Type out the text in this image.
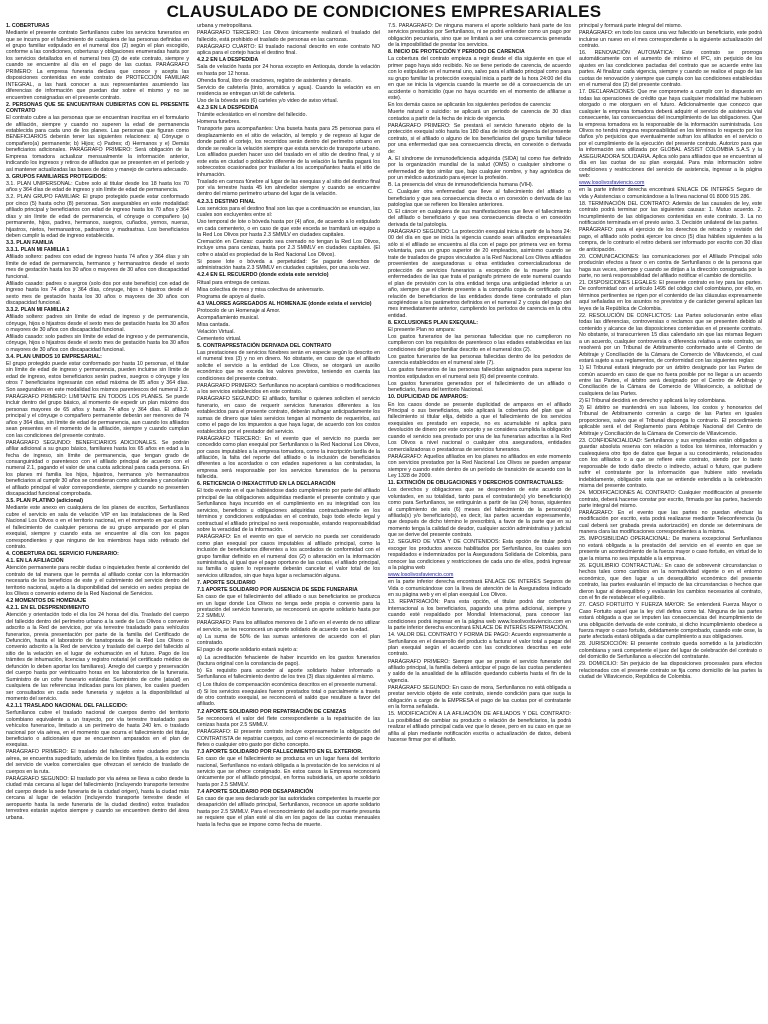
CLAUSULADO DE CONDICIONES EMPRESARIALES

1. COBERTURAS

Mediante el presente contrato Serfunllanos cubre los servicios funerarios en que se incurra por el fallecimiento de cualquiera de las personas definidas en el grupo familiar estipulado en el numeral dos (2) según el plan escogido, conforme a las condiciones, coberturas y obligaciones enumeradas hasta por los servicios detallados en el numeral tres (3) de este contrato, siempre y cuando se encuentre al día en el pago de las cuotas. PARÁGRAFO PRIMERO: La empresa funeraria declara que conoce y acepta las disposiciones contenidas en este contrato de PROTECCIÓN FAMILIAR INTEGRAL, a las hará conocer a sus representantes asumiendo las diferencias de información que puedan dar sobre el mismo y no se encuentren consignadas en el presente contrato.

2. PERSONAS QUE SE ENCUENTRAN CUBIERTAS CON EL PRESENTE CONTRATO

El contrato cubre a las personas que se encuentran inscritas en el formulario de afiliación, siempre y cuando no superen la edad de permanencia establecida para cada uno de los planes. Las personas que figuran como BENEFICIARIOS deberán tener las siguientes relaciones: a) Cónyuge o compañero(a) permanente; b) Hijos; c) Padres; d) Hermanos y e) Demás beneficiarios adicionales. PARÁGRAFO PRIMERO: Será obligación de la Empresa tomadora actualizar mensualmente la información anterior, indicando los ingresos y retiros de afiliados que se presenten en el período y así mantener actualizadas las bases de datos y manejo de cartera adecuado.

3. GRUPOS FAMILIARES PROTEGIDOS:

3.1. PLAN UNIPERSONAL: Cubre solo al titular desde los 18 hasta los 70 años y 364 días de edad de ingreso y sin límite de edad de permanencia.

3.2. PLAN GRUPO FAMILIAR: El grupo protegido puede estar conformado por cinco (5) hasta ocho (8) personas. Son asegurables en este modalidad: afiliado principal y beneficiarios con edad de ingreso hasta los 70 años y 364 días y sin límite de edad de permanencia, el cónyuge o compañero (a) permanente, hijos, padres, hermanos, suegros, cuñados, yernos, nueras, hijastros, nietos, hermanastros, padrastros y madrastras. Los beneficiarios deben cumplir la edad de ingreso establecida.

3.3. PLAN FAMILIA

3.3.1. PLAN MI FAMILIA 1

Afiliado soltero: padres con edad de ingreso hasta 74 años y 364 días y sin límite de edad de permanencia, hermanos y hermanastros desde el sexto mes de gestación hasta los 30 años o mayores de 30 años con discapacidad funcional.

Afiliado casado: padres o suegros (solo dos por este beneficio) con edad de ingreso hasta los 74 años y 364 días, cónyuge, hijos o hijastros desde el sexto mes de gestación hasta los 30 años o mayores de 30 años con discapacidad funcional.

3.3.2. PLAN MI FAMILIA 2

Afiliado soltero: padres sin límite de edad de ingreso y de permanencia, cónyuge, hijos o hijastros desde el sexto mes de gestación hasta los 30 años o mayores de 30 años con discapacidad funcional.

Afiliado casado: solo padres sin límite de edad de ingreso y de permanencia, cónyuge, hijos o hijastros desde el sexto mes de gestación hasta los 30 años o mayores de 30 años con discapacidad funcional.

3.4. PLAN UNIDOS 10 EMPRESARIAL:

El grupo protegido puede estar conformado por hasta 10 personas, el titular sin límite de edad de ingreso y permanencia, pueden incluirse sin límite de edad de ingreso, estos beneficiarios serán padres, suegros o cónyuge y los otros 7 beneficiarios ingresarán con edad máxima de 85 años y 364 días. Son asegurables en este modalidad los mismos parentescos del numeral 3.2.

PARÁGRAFO PRIMERO: LIMITANTE EN TODOS LOS PLANES. Se puede incluir dentro del grupo básico, al momento de expedir un plan máximo dos personas mayores de 65 años y hasta 74 años y 364 días. El afiliado principal y el cónyuge o compañero permanente deberán ser menores de 74 años y 364 días, sin límite de edad de permanencia, aun cuando los afiliados sean presentes en el momento de la afiliación, siempre y cuando cumplan con las condiciones del presente contrato.

PARÁGRAFO SEGUNDO: BENEFICIARIOS ADICIONALES. Se podrán afiliar adicional a su grupo básico, familiares hasta los 65 años en edad a la fecha de ingreso, sin límite de permanencia, que tengan grado de consanguinidad o parentesco con el afiliado principal de acuerdo con el numeral 2.1, pagando el valor de una cuota adicional para cada persona. En los planes mi familia los hijos, hijastros, hermanos y/o hermanastros beneficiarios al cumplir 30 años se consideran como adicionales y cancelarán el afiliado principal el valor correspondiente, siempre y cuando no presenten discapacidad funcional comprobada.

3.5. PLAN PLATINO (adicional)

Mediante este anexo en cualquiera de los planes de escritos, Serfunllanos cubre el servicio en sala de velación VIP en las instalaciones de la Red Nacional Los Olivos o en el territorio nacional, en el momento en que ocurra el fallecimiento de cualquier persona de su grupo amparado por el plan exequial, siempre y cuando esta se encuentre al día con los pagos correspondientes y que ninguno de los miembros haya sido retirado del contrato.

4. COBERTURA DEL SERVICIO FUNERARIO:

4.1. EN LA AFILIACIÓN

Atención permanente para recibir dudas o inquietudes frente al contenido del contrato de tal manera que le permita al afiliado contar con la información necesaria de los beneficios de este y el cubrimiento del servicio dentro del territorio nacional, sujeto a la disponibilidad del servicio en sedes propias de los Olivos o convenio externo de la Red Nacional de Servicios.

4.2 MOMENTOS DE HOMENAJE

4.2.1. EN EL DESPRENDIMIENTO

Atención y orientación todo el día los 24 horas del día. Traslado del cuerpo del fallecido dentro del perímetro urbano a la sede de Los Olivos o convenio adscrito a la Red de servicios, por vía terrestre trasladado para vehículos funerarios, previa presentación por parte de la familia del Certificado de Defunción, hasta el laboratorio de tanatopraxia de la Red Los Olivos o convenio adscrito a la Red de servicios y traslado del cuerpo del fallecido al sitio de la velación en el lugar de exhumación en el futuro. Pago de los trámites de inhumación, licencias y registro notarial (el certificado médico de defunción lo deben aportar los familiares). Arreglo del cuerpo y preservación del cuerpo hasta por veinticuatro horas en los laboratorios de la funeraria. Suministro de un cofre funerario estándar. Suministro de cofre (ataúd) en cualquiera de las referencias indicadas para los planes, los cuales pueden ser consultados en cada sede funeraria y sujetos a la disponibilidad al momento del servicio.

4.2.1.1 TRASLADO NACIONAL DEL FALLECIDO:

Serfunllanos cubre el traslado nacional de cuerpos dentro del territorio colombiano equivalente a un trayecto, por vía terrestre trasladado para vehículos funerarios, limitado a un perímetro de hasta 240 km. o traslado nacional por vía aérea, en el momento que ocurra el fallecimiento del titular, beneficiario o adicionales que se encuentren amparados en el plan de exequias.

PARÁGRAFO PRIMERO: El traslado del fallecido entre ciudades por vía aérea, se encuentra supeditado, además de los límites fijados, a la existencia del servicio de vuelos comerciales que ofrezcan el servicio de traslado de cuerpos en la ruta.

PARÁGRAFO SEGUNDO: El traslado por vía aérea se lleva a cabo desde la ciudad más cercana al lugar del fallecimiento (incluyendo transporte terrestre del cuerpo desde la sede funeraria de la ciudad origen), hasta la ciudad más cercana al lugar de velación (incluyendo transporte terrestre desde el aeropuerto hasta la sede funeraria de la ciudad destino) estos traslados terrestres estarán sujetos siempre y cuando se encuentren dentro del área urbana.

urbana y metropolitana.

PARÁGRAFO TERCERO: Los Olivos únicamente realizará el traslado del fallecido, está prohibido el traslado de personas en las carrozas.

PARÁGRAFO CUARTO: El traslado nacional descrito en este contrato NO aplica para el cortejo hacia el destino final.

4.2.2 EN LA DESPEDIDA

Sala de velación hasta por 24 horas excepto en Antioquia, donde la velación es hasta por 12 horas.

Ofrenda floral, libro de oraciones, registro de asistentes y denario.

Servicio de cafetería (tinto, aromática y agua). Cuando la velación es en residencia se entregan un kit de cafetería.

Uso de la bóveda seis (6) carteles y/o video de aviso virtual.

4.2.3 EN LA DESPEDIDA

Trámite eclesiástico en el nombre del fallecido.

Homena funebres.

Transporte para acompañantes: Una buseta hasta para 25 personas para el desplazamiento en el sitio de velación, al templo y de regreso al lugar de donde partió el cortejo, los recorridos serán dentro del perímetro urbano en donde se realice la velación siempre que exista servicio de transporte urbano. Los afiliados pueden hacer uso del traslado en el sitio de destino final, y si este esta en ciudad o población diferente de la velación la familia pagará los sobrecostos ocasionados por trasladar a los acompañantes hasta el sitio de inhumación.

Traslado en carroza fúnebre al lugar de las exequias y al sitio del destino final por vía terrestre hasta 45 km alrededor siempre y cuando se encuentre dentro del mismo perímetro urbano del lugar de la velación.

4.2.3.1 DESTINO FINAL

Los servicios para el destino final son las que a continuación se enuncian, las cuales son excluyentes entre sí:

Uso temporal de lote o bóveda hasta por (4) años, de acuerdo a lo estipulado en cada cementerio, o en caso de que este exceda se tramitará un equipo a la Red Los Olivos por hasta 2.3 SMMLV en ciudades capitales.

Cremación en Cenizas: cuando sea cremado no tengan la Red Los Olivos, incluye urna para cenizas, hasta por 2.3 SMMLV en ciudades capitales. (El cofre o ataúd es propiedad de la Red Nacional Los Olivos).

Si posee lote o bóveda a perpetuidad: Se pagarán derechos de administración hasta 2.3 SMMLV en ciudades capitales, por una sola vez.

4.2.4 EN EL RECUERDO (donde exista este servicio)

Ritual para entrega de cenizas.

Misa colectiva de mes y misa colectiva de aniversario.

Programa de apoyo al duelo.

4.3 VALORES AGREGADOS AL HOMENAJE (donde exista el servicio)

Protocolo de un Homenaje al Amor.

Acompañamiento musical.

Misa cantada.

Velación Virtual.

Cementerio virtual.

5. CONTRAPRESTACIÓN DERIVADA DEL CONTRATO

Las prestaciones de servicios fúnebres serán en especie según lo descrito en el numeral tres (3) y no en dinero. No obstante, en caso de que el afiliado solicite el servicio a la entidad de Los Olivos, se otorgará un auxilio económico que no exceda los valores previstos, teniendo en cuenta las condiciones del presente contrato.

PARÁGRAFO PRIMERO: Serfunllanos no aceptará cambios o modificaciones a los servicios establecidos en este contrato.

PARÁGRAFO SEGUNDO: El afiliado, familiar o quienes soliciten el servicio funerario, en caso de requerir servicios funerarios diferentes a los establecidos para el presente contrato, deberán sufragar anticipadamente los sumas de dinero que tales servicios tengan al momento de requerirlos, así como el pago de los impuestos a que haya lugar, de acuerdo con los costos establecidos por el prestador del servicio.

PARÁGRAFO TERCERO: En el evento que el servicio no pueda ser concedido como plan exequial por Serfunllanos o la Red Nacional Los Olivos, por casos imputables a la empresa tomadora, como la inscripción tardía de la afiliación, la falta del reporte del afiliado o la inclusión de beneficiarios diferentes a los acordados o con edades superiores a las contratadas, la empresa será responsable por los servicios funerarios de la persona fallecida.

6. RETICENCIA O INEXACTITUD EN LA DECLARACIÓN

El todo evento en el que habiéndose dado cumplimiento por parte del afiliado principal de las obligaciones adquiridas mediante el presente contrato y que Serfunllanos haya incurrido en el cumplimiento en su integridad con los servicios, beneficios u obligaciones adquiridas contractualmente en los términos y condiciones estipuladas en el contrato, bajo todo efecto legal y contractual el afiliado principal no será responsable, estando responsabilidad sobre la veracidad de la información.

PARÁGRAFO: En el evento en que el servicio no pueda ser considerado como plan exequial por casos imputables al afiliado principal, como la inclusión de beneficiarios diferentes a los acordados de conformidad con el grupo familiar definido en el numeral dos (2) o alteración en la información suministrada, al igual que el pago oportuno de las cuotas, el afiliado principal, su familia o quien lo represente deberán cancelar el valor total de los servicios utilizados, sin que haya lugar a reclamación alguna.

7. APORTE SOLIDARIO

7.1 APORTE SOLIDARIO POR AUSENCIA DE SEDE FUNERARIA

En caso de que el fallecimiento del afiliado o sus beneficiarios se produzca en un lugar donde Los Olivos no tenga sede propia o convenio para la prestación del servicio funerario, se reconocerá un aporte solidario hasta por 2.2 SMMLV.

PARÁGRAFO: Para los afiliados menores de 1 año en el evento de no utilizar el servicio, se les reconocerá un aporte solidario de acuerdo con la edad.

a) La suma de 50% de las sumas anteriores de acuerdo con el plan contratado.

El pago de aporte solidario estará sujeto a:

a) La acreditación fehaciente de haber incurrido en los gastos funerarios (factura original con la constancia de pago).

b) Es requisito para acceder al aporte solidario haber informado a Serfunllanos el fallecimiento dentro de los tres (3) días siguientes al mismo.

c) Los títulos de compensación económica descritos en el presente numeral.

d) Si los servicios exequiales fueron prestados total o parcialmente a través de otro contrato exequial, se reconocerá el saldo que resultare a favor del afiliado.

7.2 APORTE SOLIDARIO POR REPATRIACIÓN DE CENIZAS

Se reconocerá el valor del flete correspondiente a la repatriación de las cenizas hasta por 2.5 SMMLV.

PARÁGRAFO: El presente contrato incluye expresamente la obligación del CONTRATISTA de repatriar cuerpos, así como el reconocimiento de pago de fletes o cualquier otro gasto por dicho concepto.

7.3 APORTE SOLIDARIO POR FALLECIMIENTO EN EL EXTERIOR.

En caso de que el fallecimiento se produzca en un lugar fuera del territorio nacional, Serfunllanos no estará obligada a la prestación de los servicios ni al servicio que se ofrece consignado. En estos casos la Empresa reconocerá únicamente por el afiliado principal, en forma subsidiaria, un aporte solidario hasta por 2.5 SMMLV.

7.4 APORTE SOLIDARIO POR DESAPARICIÓN

En caso de que sea declarado por las autoridades competentes la muerte por desaparición del afiliado principal, Serfunllanos, reconoce un aporte solidario hasta por 2.5 SMMLV. Para el reconocimiento del auxilio por muerte presunta se requiere que el plan esté al día en los pagos de las cuotas mensuales hasta la fecha que se impone como fecha de muerte.

7.5. PARÁGRAFO: De ninguna manera el aporte solidario hará parte de los servicios prestados por Serfunllanos, ni se podrá entender como un pago por obligación pecuniaria, sino que se limitará a ser una consecuencia generada de la imposibilidad de prestar los servicios.

8. INICIO DE PROTECCIÓN Y PERIODO DE CARENCIA

La cobertura del contrato empieza a regir desde el día siguiente en que el primer pago haya sido recibido. No se tiene periodo de carencia, de acuerdo con lo estipulado en el numeral uno, salvo para el afiliado principal como para su grupo familiar la protección exequial inicia a partir de la hora 24:00 del día en que se inicia la vigencia cuando la muerte se dé a consecuencia de un accidente o homicidio (que no haya ocurrido en el momento de afiliarse a este).

En los demás casos se aplicarán los siguientes períodos de carencia:

Muerte natural o suicidio: se aplicará un periodo de carencia de 30 días contados a partir de la fecha de inicio de vigencia.

PARÁGRAFO PRIMERO: Se prestará el servicio funerario objeto de la protección exequial sólo hasta los 180 días de inicio de vigencia del presente contrato, si el afiliado o alguno de los beneficiarios del grupo familiar fallece por una enfermedad que sea consecuencia directa, en conexión o derivada de:

A. El síndrome de inmunodeficiencia adquirida (SIDA) tal como fue definido por la organización mundial de la salud (OMS) o cualquier síndrome o enfermedad de tipo similar que, bajo cualquier nombre, y hay agnóstica de por un médico autorizado para ejercer la profesión.

B. La presencia del virus de inmunodeficiencia humana (VIH).

C. Cualquier otra enfermedad que lleve al fallecimiento del afiliado o beneficiario y que sea consecuencia directa o en conexión o derivada de las patologías que se refieren los literales anteriores.

D. El cáncer en cualquiera de sus manifestaciones que lleve el fallecimiento del afiliado o beneficiario y que sea consecuencia directa o en conexión derivada de tal patología.

PARÁGRAFO SEGUNDO: La protección exequial inicia a partir de la hora 24: 00 del día en que se inicia la vigencia cuando sean afiliados empresariales sólo si el afiliado se encuentra al día con el pago por primera vez en forma voluntaria, para un grupo superior de 20 empleados, asimismo cuando se trate de traslados de grupos vinculados a la Red Nacional Los Olivos afiliados provenientes de aseguradoras u otras entidades comercializadoras de protección de servicios funerarios a excepción de la muerte por las enfermedades de las que trata el parágrafo primero de este numeral cuando el plan de provisión con la otra entidad tenga una antigüedad inferior a un año, siempre que el cliente presente a la compañía copia de certificado con relación de beneficiarios de las entidades donde tiene contratado el plan acogiéndose a los parámetros definidos en el numeral 2 y copia del pago del mes inmediatamente anterior, cumpliendo los períodos de carencia en la otra entidad.

8. EXCLUSIONES PLAN EXEQUIAL:

El presente Plan no ampara:

Los gastos funerarios de las personas fallecidas que no cumplieron no cumplieron con los requisitos de parentesco o las edades establecidas en las condiciones del grupo familiar descrito en el numeral dos (2).

Los gastos funerarios de las personas fallecidas dentro de los periodos de carencia establecidos en el numeral siete (7).

Los gastos funerarios de las personas fallecidas asignados para superar los montos estipulados en el numeral seis (6) del presente contrato.

Los gastos funerarios generados por el fallecimiento de un afiliado o beneficiario, fuera del territorio Nacional.

10. DUPLICIDAD DE AMPAROS:

En los casos donde se presente duplicidad de amparos en el afiliado Principal o sus beneficiarios, solo aplicará la cobertura del plan que al fallecimiento si titular elija, debido a que el fallecimiento de los servicios exequiales es prestado en especie, no es acumulable ni aplica para devolución de dinero por este concepto y se considera cumplida la obligación cuando el servicio sea prestado por una de las funerarias adscritas a la Red Los Olivos a nivel nacional o cualquier otra aseguradora, entidades comercializadoras o prestadoras de servicios funerarios.

PARÁGRAFO: Aquellos afiliados en los planes no afiliados en este momento con servicios prestados por la Red Nacional Los Olivos se pueden amparar siempre y cuando estén dentro de un período de transición de acuerdo con la Ley 1328 de 2009.

11. EXTINCIÓN DE OBLIGACIONES Y DERECHOS CONTRACTUALES:

Los derechos y obligaciones que se desprenden de este acuerdo de voluntades, en su totalidad, tanto para el contratante(s) y/o beneficiario(s) como para Serfunllanos, se extinguirán a partir de las (24) horas, siguientes al cumplimiento de seis (6) meses del fallecimiento de la persona(s) afiliada(s) y/o beneficiario(s), es decir, las partes acuerdan expresamente, que después de dicho término le prescribirá, a favor de la parte que en su momento tenga la calidad de deudor, cualquier acción administrativa y judicial que se derive del presente contrato.

12. SEGURO DE VIDA Y DE CONTENIDOS: Esta opción de titular podrá escoger los productos anexos habilitados por Serfunllanos, los cuales son respaldados e indemnizados por la Aseguradora Solidaria de Colombia, para conocer las condiciones y restricciones de cada uno de ellos, podrá ingresar a la página web

www.losolivosfaviencio.com

en la parte inferior derecha encontrará ENLACE DE INTERÉS Seguros de Vida o comunicándose con la línea de atención de la Aseguradora indicado en su página web y en el plan exequial Los Olivos.

13. REPATRIACIÓN: Para esta opción, el titular podrá dar cobertura internacional a los beneficiarios, pagando una prima adicional, siempre y cuando esté respaldado por Mondial Internacional, para conocer las condiciones podrá ingresar en la página web www.losolivosfaviencio.com en la parte inferior derecha encontrará ENLACE DE INTERÉS REPATRIACIÓN.

14. VALOR DEL CONTRATO Y FORMA DE PAGO: Acuerdo expresamente a Serfunllanos en el desarrollo del producto a facturar el valor total a pagar del plan exequial según el acuerdo con las condiciones descritas en este contrato.

PARÁGRAFO PRIMERO: Siempre que se preste el servicio funerario del afiliado principal, la familia deberá anticipar el pago de las cuotas pendientes y saldo de la anualidad de la afiliación quedando cubierta hasta el fin de la vigencia.

PARÁGRAFO SEGUNDO: En caso de mora, Serfunllanos no está obligada a prestar servicio objeto de este contrato, siendo condición para que surja la obligación a cargo de la EMPRESA el pago de las cuotas por el contratante en la forma señalada.

15. MODIFICACIÓN A LA AFILIACIÓN DE AFILIADOS Y DEL CONTRATO: La posibilidad de cambiar su producto o relación de beneficiarios, la podrá realizar el afiliado principal cada vez que lo desee, pero en su caso en que se afilia al plan mediante notificación escrita o actualización de datos, deberá hacerse firmar por el afiliado.

principal y formará parte integral del mismo.

PARÁGRAFO: en todo los casos una vez fallecido un beneficiario, este podrá incluirse un nuevo en el mes correspondiente a la siguiente actualización del contrato.

16. RENOVACIÓN AUTOMÁTICA: Este contrato se prorroga automáticamente con el aumento de mínimo el IPC, sin perjuicio de los ajustes en las condiciones pactadas del contrato que se acuerde entre las partes. Al finalizar cada vigencia, siempre y cuando se realice el pago de las cuotas de renovación y siempre que cumpla con las condiciones establecidas en el numeral dos (2) del presente contrato.

17. DECLARACIONES: Que me comprometo a cumplir con lo dispuesto en todas las operaciones de crédito que haya cualquier modalidad me hubiesen otorgado o me otorguen en el futuro. Adicionalmente que conozco que cualquier la empresa tomadora deberá adquirir el servicio de asistencia vial consecuente, las consecuencias del incumplimiento de las obligaciones. Que la empresa tomadora es la responsable de la información suministrada. Los Olivos no tendrá ninguna responsabilidad en los términos lo respecto por los daños y/o perjuicios que eventualmente sufran los afiliados en el servicio o por el cumplimiento de la ejecución del presente contrato. Autorizo para que la información sea utilizada por GLOBAL ASSIST COLOMBIA S.A.S y la ASEGURADORA SOLIDARIA. Aplica sólo para afiliados que se encuentran al día en las cuotas de su plan exequial. Para más información sobre condiciones y restricciones del servicio de asistencia, ingresar a la página web:

www.losolivosfaviencio.com

en la parte inferior derecha encontrará ENLACE DE INTERÉS Seguro de vida y Asistencias o comunicándose a la línea nacional 01 8000 915 286.

18. TERMINACIÓN DEL CONTRATO: Además de las causales de ley, este contrato podrá terminar por las siguientes causas: 1. Mutuo acuerdo. 2. Incumplimiento de las obligaciones contenidas en este contrato. 3. La no notificación terminada en el previo aviso. 3. Decisión unilateral de las partes.

PARÁGRAFO: para el ejercicio de los derechos de retracto y revisión del pago, el afiliado sólo podrá ejercer los cinco (5) días hábiles siguientes a la compra, de lo contrario el retiro deberá ser informado por escrito con 30 días de anticipación.

20. COMUNICACIONES: las comunicaciones por el Afiliado Principal sólo producirán efectos a favor o en contra de Serfunllanos o de la persona que haga sus veces, siempre y cuando se dirijan a la dirección consignada por la parte, no será responsabilidad del afiliado notificar el cambio de domicilio.

21. DISPOSICIONES LEGALES: El presente contrato es ley para las partes. De conformidad con el artículo 1495 del código civil colombiano, por ello, en términos pertinentes se rigen por el contenido de las cláusulas expresamente aquí señaladas en los asuntos no previstos y de carácter general aplican las leyes de la República de Colombia.

22. RESOLUCIÓN DE CONFLICTOS: Las Partes solucionarán entre ellas todas las diferencias, controversias o reclamos que se presenten debido al contenido y alcance de las disposiciones contenidas en el presente contrato. No obstante, si transcurrieren 15 días calendario sin que las mismas lleguen a un acuerdo, cualquier controversia o diferencia relativa a este contrato, se resolverá por un Tribunal de Arbitramento conformado ante el Centro de Arbitraje y Conciliación de la Cámara de Comercio de Villavicencio, el cual estará sujeto a sus reglamentos, de conformidad con las siguientes reglas:

1) El Tribunal estará integrado por un árbitro designado por las Partes de común acuerdo en caso de que no fuera posible por no llegar a un acuerdo entre las Partes, el árbitro será designado por el Centro de Arbitraje y Conciliación de la Cámara de Comercio de Villavicencio, a solicitud de cualquiera de las Partes.

2) El Tribunal decidirá en derecho y aplicará la ley colombiana.

3) El árbitro se mantendrá en sus labores, los costos y honorarios del Tribunal de Arbitramento correrán a cargo de las Partes en iguales proporciones, salvo que el Tribunal disponga lo contrario. El procedimiento aplicable será el del Reglamento para Arbitraje Nacional del Centro de Arbitraje y Conciliación de la Cámara de Comercio de Villavicencio.

23. CONFIDENCIALIDAD: Serfunllanos y sus empleados están obligados a guardar absoluta reserva con relación a todos los términos, información y cualesquiera otro tipo de datos que llegue a su conocimiento, relacionados con los afiliados o a que se refiere este contrato, siendo por lo tanto responsable de todo daño directo o indirecto, actual o futuro, que pudiere sufrir el contratante por la información que hubiere sido revelada indebidamente, obligación esta que se entiende extendida a la celebración misma del presente contrato.

24. MODIFICACIONES AL CONTRATO: Cualquier modificación al presente contrato, deberá hacerse constar por escrito, firmada por las partes, haciendo parte integral del mismo.

PARÁGRAFO: En el evento que las partes no puedan efectuar la modificación por escrito, esta podrá realizarse mediante Teleconferencia (la cual deberá ser grabada previa autorización) en donde se determinara de manera clara las modificaciones correspondientes a la misma.

25. IMPOSIBILIDAD OPERACIONAL: De manera excepcional Serfunllanos no estará obligada a la prestación del servicio en el evento en que se presente un acontecimiento de la fuerza mayor o caso fortuito, en virtud de lo que la misma no sea imputable a la empresa.

26. EQUILIBRIO CONTRACTUAL: En caso de sobrevenir circunstancias o hechos tales como cambios en la normatividad vigente o en el entorno económico, que den lugar a un desequilibrio económico del presente contrato, las partes evaluarán el impacto de las circunstancias o hechos que dieron lugar al desequilibrio y evaluarán los cambios necesarios al contrato, con el fin de restablecer el equilibrio.

27. CASO FORTUITO Y FUERZA MAYOR: Se entenderá Fuerza Mayor o Caso Fortuito aquel que la ley civil defina como tal. Ninguna de las partes estará obligada a que se imputen las consecuencias del incumplimiento de una obligación derivada de este contrato, si dicho incumplimiento obedece a fuerza mayor o caso fortuito, debidamente comprobado, cuando este cese, la parte afectada estará obligada a dar cumplimiento a sus obligaciones.

28. JURISDICCIÓN: El presente contrato queda sometido a la jurisdicción colombiana y será competente el juez del lugar de celebración del contrato o del domicilio de Serfunllanos a elección del contratante.

29. DOMICILIO: Sin perjuicio de las disposiciones procesales para efectos relacionados con el presente contrato se fija como domicilio de las partes la ciudad de Villavicencio, República de Colombia.
